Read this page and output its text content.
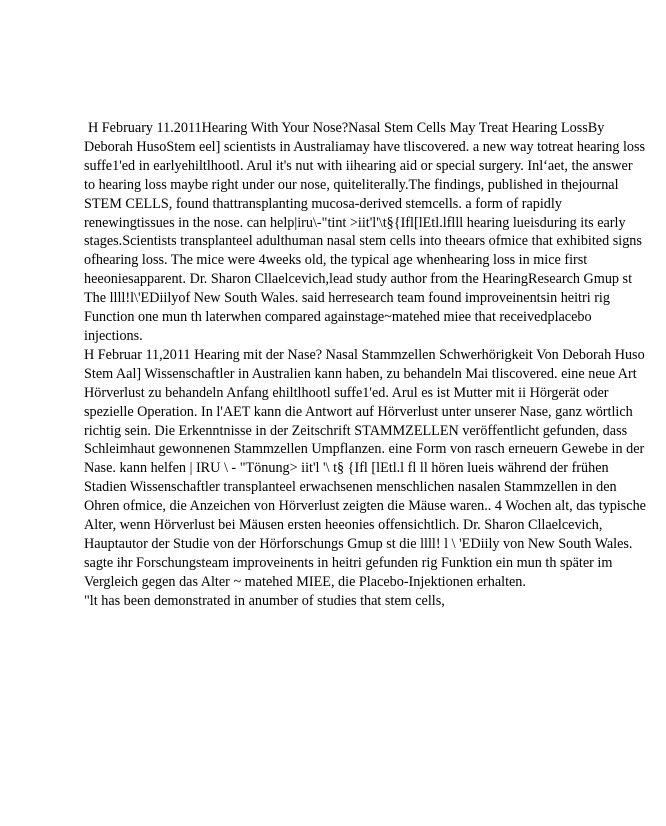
H February 11.2011Hearing With Your Nose?Nasal Stem Cells May Treat Hearing LossBy Deborah HusoStem eel] scientists in Australiamay have tliscovered. a new way totreat hearing loss suffe1'ed in earlyehiltlhootl. Arul it's nut with iihearing aid or special surgery. Inl‘aet, the answer to hearing loss maybe right under our nose, quiteliterally.The findings, published in thejournal STEM CELLS, found thattransplanting mucosa-derived stemcells. a form of rapidly renewingtissues in the nose. can help|iru\-"tint >iit'l'\t§{Ifl[lEtl.lflll hearing lueisduring its early stages.Scientists transplanteel adulthuman nasal stem cells into theears ofmice that exhibited signs ofhearing loss. The mice were 4weeks old, the typical age whenhearing loss in mice first heeoniesapparent. Dr. Sharon Cllaelcevich,lead study author from the HearingResearch Gmup st The llll!l\'EDiilyof New South Wales. said herresearch team found improveinentsin heitri rig Function one mun th laterwhen compared againstage~matehed miee that receivedplacebo injections.

H Februar 11,2011 Hearing mit der Nase? Nasal Stammzellen Schwerhörigkeit Von Deborah Huso Stem Aal] Wissenschaftler in Australien kann haben, zu behandeln Mai tliscovered. eine neue Art Hörverlust zu behandeln Anfang ehiltlhootl suffe1'ed. Arul es ist Mutter mit ii Hörgerät oder spezielle Operation. In l'AET kann die Antwort auf Hörverlust unter unserer Nase, ganz wörtlich richtig sein. Die Erkenntnisse in der Zeitschrift STAMMZELLEN veröffentlicht gefunden, dass Schleimhaut gewonnenen Stammzellen Umpflanzen. eine Form von rasch erneuern Gewebe in der Nase. kann helfen | IRU \ - "Tönung> iit'l '\ t§ {Ifl [lEtl.l fl ll hören lueis während der frühen Stadien Wissenschaftler transplanteel erwachsenen menschlichen nasalen Stammzellen in den Ohren ofmice, die Anzeichen von Hörverlust zeigten die Mäuse waren.. 4 Wochen alt, das typische Alter, wenn Hörverlust bei Mäusen ersten heeonies offensichtlich. Dr. Sharon Cllaelcevich, Hauptautor der Studie von der Hörforschungs Gmup st die llll! l \ 'EDiily von New South Wales. sagte ihr Forschungsteam improveinents in heitri gefunden rig Funktion ein mun th später im Vergleich gegen das Alter ~ matehed MIEE, die Placebo-Injektionen erhalten.

"lt has been demonstrated in anumber of studies that stem cells,
